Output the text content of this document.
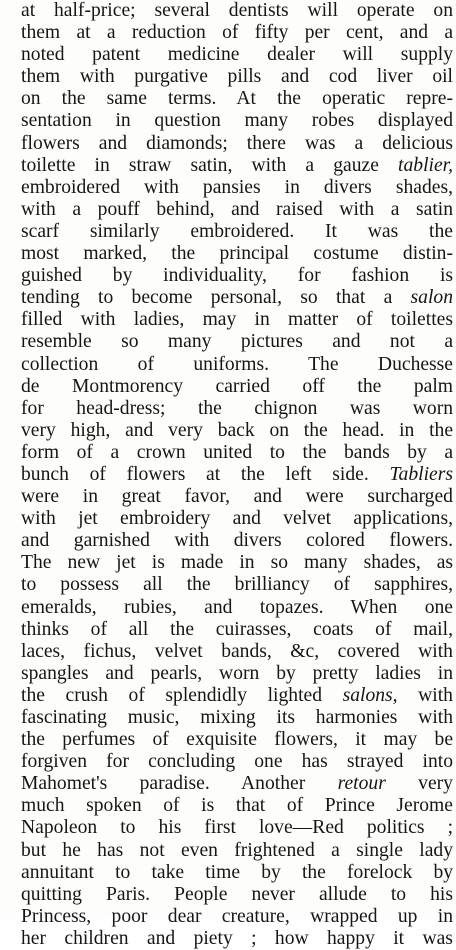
at half-price; several dentists will operate on
them at a reduction of fifty per cent, and a
noted patent medicine dealer will supply
them with purgative pills and cod liver oil
on the same terms. At the operatic repre-
sentation in question many robes displayed
flowers and diamonds; there was a delicious
toilette in straw satin, with a gauze tablier,
embroidered with pansies in divers shades,
with a pouff behind, and raised with a satin
scarf similarly embroidered. It was the
most marked, the principal costume distin-
guished by individuality, for fashion is
tending to become personal, so that a salon
filled with ladies, may in matter of toilettes
resemble so many pictures and not a
collection of uniforms. The Duchesse
de Montmorency carried off the palm
for head-dress; the chignon was worn
very high, and very back on the head. in the
form of a crown united to the bands by a
bunch of flowers at the left side. Tabliers
were in great favor, and were surcharged
with jet embroidery and velvet applications,
and garnished with divers colored flowers.
The new jet is made in so many shades, as
to possess all the brilliancy of sapphires,
emeralds, rubies, and topazes. When one
thinks of all the cuirasses, coats of mail,
laces, fichus, velvet bands, &c, covered with
spangles and pearls, worn by pretty ladies in
the crush of splendidly lighted salons, with
fascinating music, mixing its harmonies with
the perfumes of exquisite flowers, it may be
forgiven for concluding one has strayed into
Mahomet's paradise. Another retour very
much spoken of is that of Prince Jerome
Napoleon to his first love—Red politics ;
but he has not even frightened a single lady
annuitant to take time by the forelock by
quitting Paris. People never allude to his
Princess, poor dear creature, wrapped up in
her children and piety ; how happy it was
